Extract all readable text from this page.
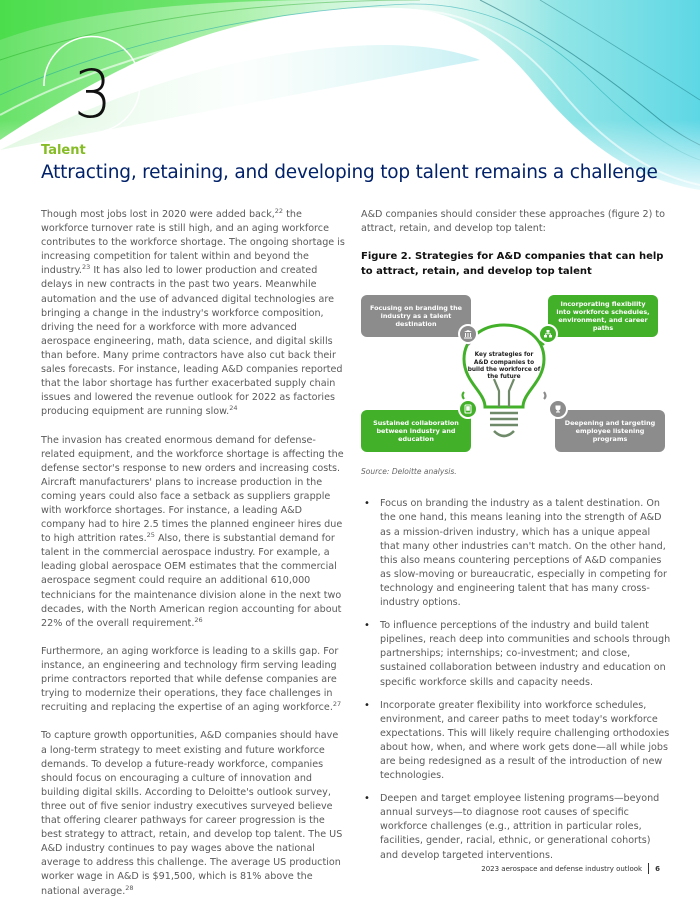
3
Talent
Attracting, retaining, and developing top talent remains a challenge

Though most jobs lost in 2020 were added back,$^{22}$ the workforce turnover rate is still high, and an aging workforce contributes to the workforce shortage. The ongoing shortage is increasing competition for talent within and beyond the industry.$^{23}$ It has also led to lower production and created delays in new contracts in the past two years. Meanwhile automation and the use of advanced digital technologies are bringing a change in the industry's workforce composition, driving the need for a workforce with more advanced aerospace engineering, math, data science, and digital skills than before. Many prime contractors have also cut back their sales forecasts. For instance, leading A&D companies reported that the labor shortage has further exacerbated supply chain issues and lowered the revenue outlook for 2022 as factories producing equipment are running slow.$^{24}$

The invasion has created enormous demand for defense-related equipment, and the workforce shortage is affecting the defense sector's response to new orders and increasing costs. Aircraft manufacturers' plans to increase production in the coming years could also face a setback as suppliers grapple with workforce shortages. For instance, a leading A&D company had to hire 2.5 times the planned engineer hires due to high attrition rates.$^{25}$ Also, there is substantial demand for talent in the commercial aerospace industry. For example, a leading global aerospace OEM estimates that the commercial aerospace segment could require an additional 610,000 technicians for the maintenance division alone in the next two decades, with the North American region accounting for about 22% of the overall requirement.$^{26}$

Furthermore, an aging workforce is leading to a skills gap. For instance, an engineering and technology firm serving leading prime contractors reported that while defense companies are trying to modernize their operations, they face challenges in recruiting and replacing the expertise of an aging workforce.$^{27}$

To capture growth opportunities, A&D companies should have a long-term strategy to meet existing and future workforce demands. To develop a future-ready workforce, companies should focus on encouraging a culture of innovation and building digital skills. According to Deloitte's outlook survey, three out of five senior industry executives surveyed believe that offering clearer pathways for career progression is the best strategy to attract, retain, and develop top talent. The US A&D industry continues to pay wages above the national average to address this challenge. The average US production worker wage in A&D is $91,500, which is 81% above the national average.$^{28}$

A&D companies should consider these approaches (figure 2) to attract, retain, and develop top talent:

Figure 2. Strategies for A&D companies that can help to attract, retain, and develop top talent
Key strategies for A&D companies to build the workforce of the future
Focusing on branding the industry as a talent destination
Incorporating flexibility into workforce schedules, environment, and career paths
Sustained collaboration between industry and education
Deepening and targeting employee listening programs
Source: Deloitte analysis.
• Focus on branding the industry as a talent destination. On the one hand, this means leaning into the strength of A&D as a mission-driven industry, which has a unique appeal that many other industries can't match. On the other hand, this also means countering perceptions of A&D companies as slow-moving or bureaucratic, especially in competing for technology and engineering talent that has many cross-industry options.
• To influence perceptions of the industry and build talent pipelines, reach deep into communities and schools through partnerships; internships; co-investment; and close, sustained collaboration between industry and education on specific workforce skills and capacity needs.
• Incorporate greater flexibility into workforce schedules, environment, and career paths to meet today's workforce expectations. This will likely require challenging orthodoxies about how, when, and where work gets done—all while jobs are being redesigned as a result of the introduction of new technologies.
• Deepen and target employee listening programs—beyond annual surveys—to diagnose root causes of specific workforce challenges (e.g., attrition in particular roles, facilities, gender, racial, ethnic, or generational cohorts) and develop targeted interventions.
2023 aerospace and defense industry outlook 6
